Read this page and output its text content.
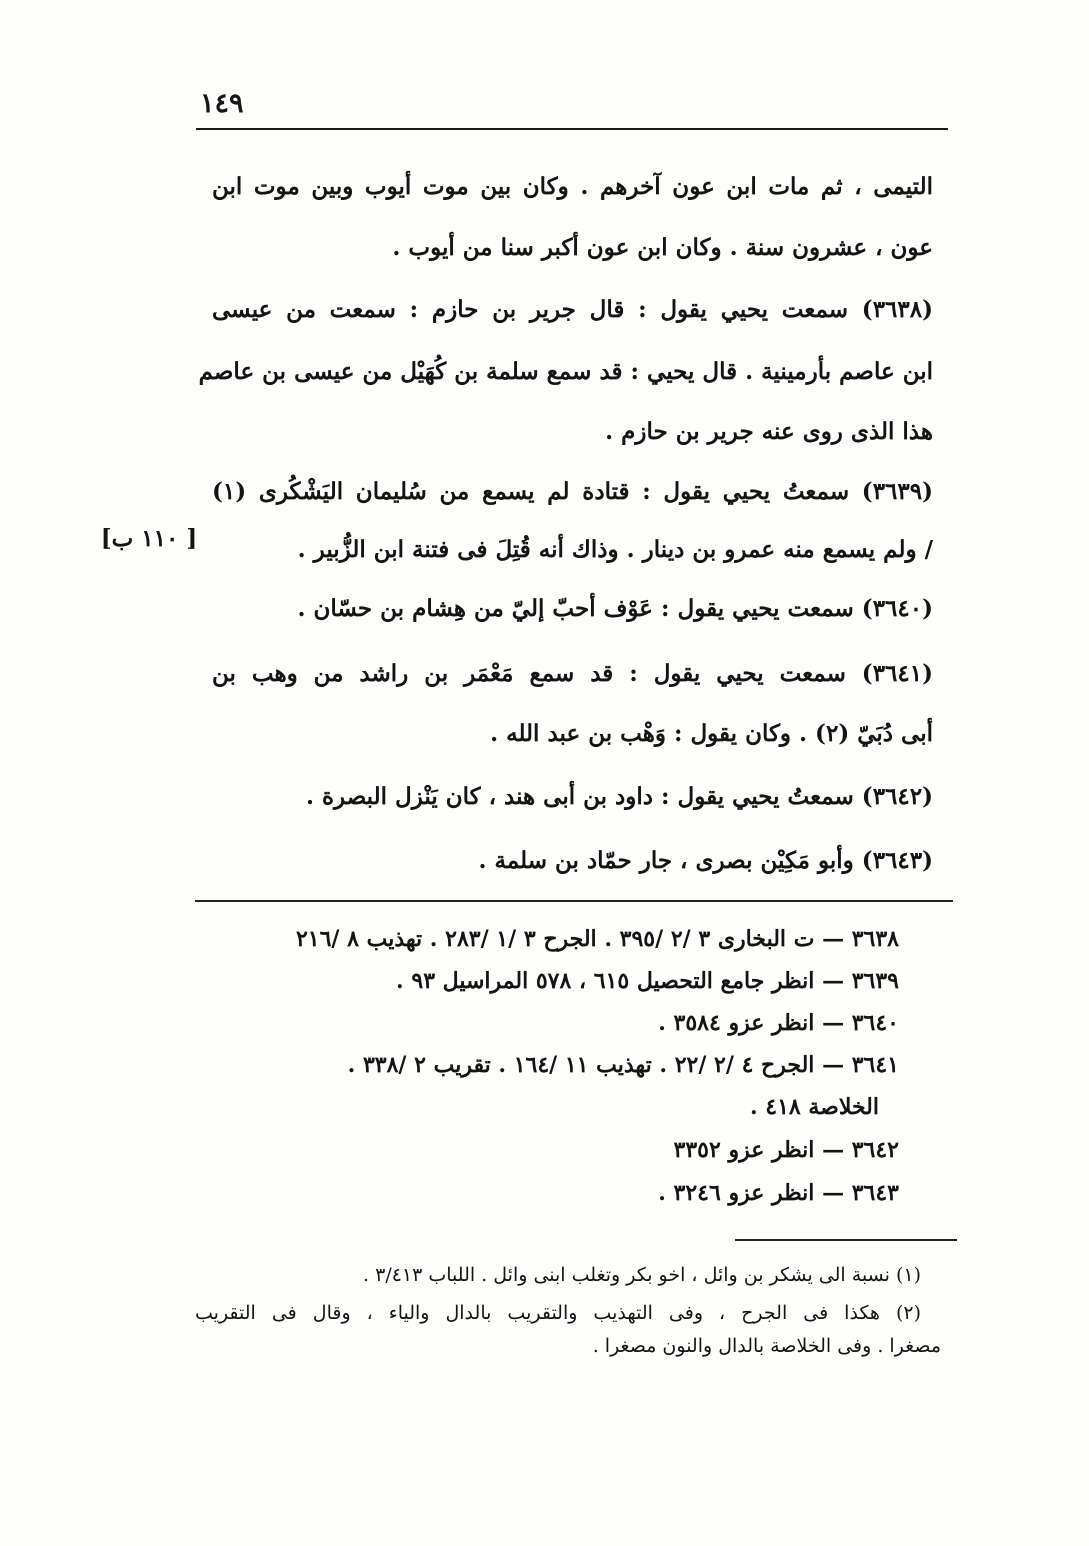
١٤٩
التيمى ، ثم مات ابن عون آخرهم . وكان بين موت أيوب وبين موت ابن
عون ، عشرون سنة . وكان ابن عون أكبر سنا من أيوب .
(٣٦٣٨) سمعت يحيي يقول : قال جرير بن حازم : سمعت من عيسى
ابن عاصم بأرمينية . قال يحيي : قد سمع سلمة بن كُهَيْل من عيسى بن عاصم
هذا الذى روى عنه جرير بن حازم .
(٣٦٣٩) سمعتُ يحيي يقول : قتادة لم يسمع من سُليمان اليَشْكُرى (١)
/ ولم يسمع منه عمرو بن دينار . وذاك أنه قُتِلَ فى فتنة ابن الزُّبير .
(٣٦٤٠) سمعت يحيي يقول : عَوْف أحبّ إليّ من هِشام بن حسّان .
(٣٦٤١) سمعت يحيي يقول : قد سمع مَعْمَر بن راشد من وهب بن
أبى دُبَيّ (٢) . وكان يقول : وَهْب بن عبد الله .
(٣٦٤٢) سمعتُ يحيي يقول : داود بن أبى هند ، كان يَنْزل البصرة .
(٣٦٤٣) وأبو مَكِيْن بصرى ، جار حمّاد بن سلمة .
[ ١١٠ ب]
٣٦٣٨ — ت البخارى ٣ /٢ /٣٩٥ . الجرح ٣ /١ /٢٨٣ . تهذيب ٨ /٢١٦
٣٦٣٩ — انظر جامع التحصيل ٦١٥ ، ٥٧٨ المراسيل ٩٣ .
٣٦٤٠ — انظر عزو ٣٥٨٤ .
٣٦٤١ — الجرح ٤ /٢ /٢٢ . تهذيب ١١ /١٦٤ . تقريب ٢ /٣٣٨ .
الخلاصة ٤١٨ .
٣٦٤٢ — انظر عزو ٣٣٥٢
٣٦٤٣ — انظر عزو ٣٢٤٦ .
(١) نسبة الى يشكر بن وائل ، اخو بكر وتغلب ابنى وائل . اللباب ٣/٤١٣ .
(٢) هكذا فى الجرح ، وفى التهذيب والتقريب بالدال والياء ، وقال فى التقريب
مصغرا . وفى الخلاصة بالدال والنون مصغرا .
